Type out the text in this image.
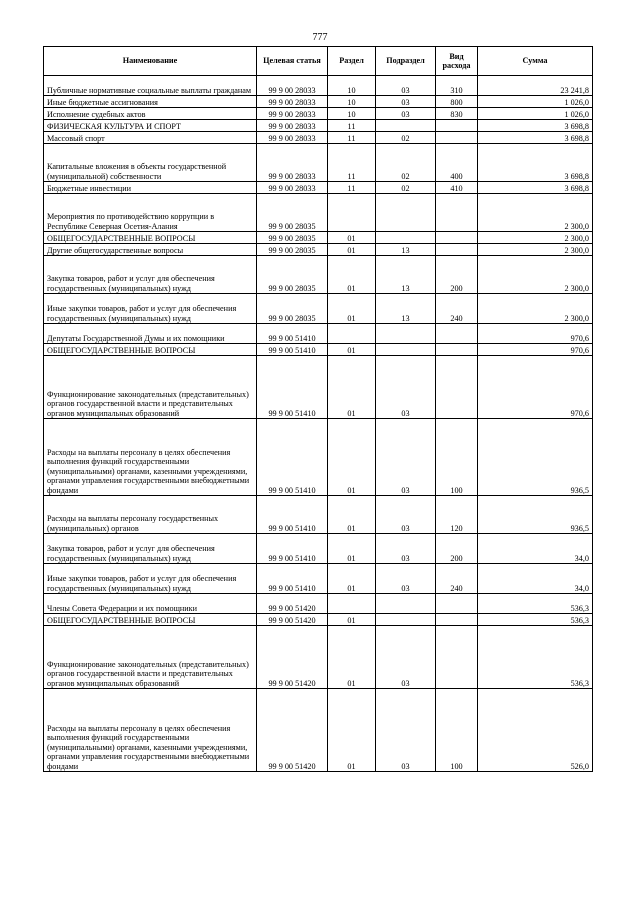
777
Наименование	Целевая статья	Раздел	Подраздел	Вид расхода	Сумма
Публичные нормативные социальные выплаты гражданам	99 9 00 28033	10	03	310	23 241,8
Иные бюджетные ассигнования	99 9 00 28033	10	03	800	1 026,0
Исполнение судебных актов	99 9 00 28033	10	03	830	1 026,0
ФИЗИЧЕСКАЯ КУЛЬТУРА И СПОРТ	99 9 00 28033	11			3 698,8
Массовый спорт	99 9 00 28033	11	02		3 698,8
Капитальные вложения в объекты государственной (муниципальной) собственности	99 9 00 28033	11	02	400	3 698,8
Бюджетные инвестиции	99 9 00 28033	11	02	410	3 698,8
Мероприятия по противодействию коррупции в Республике Северная Осетия-Алания	99 9 00 28035				2 300,0
ОБЩЕГОСУДАРСТВЕННЫЕ ВОПРОСЫ	99 9 00 28035	01			2 300,0
Другие общегосударственные вопросы	99 9 00 28035	01	13		2 300,0
Закупка товаров, работ и услуг для обеспечения государственных (муниципальных) нужд	99 9 00 28035	01	13	200	2 300,0
Иные закупки товаров, работ и услуг для обеспечения государственных (муниципальных) нужд	99 9 00 28035	01	13	240	2 300,0
Депутаты Государственной Думы и их помощники	99 9 00 51410				970,6
ОБЩЕГОСУДАРСТВЕННЫЕ ВОПРОСЫ	99 9 00 51410	01			970,6
Функционирование законодательных (представительных) органов государственной власти и представительных органов муниципальных образований	99 9 00 51410	01	03		970,6
Расходы на выплаты персоналу в целях обеспечения выполнения функций государственными (муниципальными) органами, казенными учреждениями, органами управления государственными внебюджетными фондами	99 9 00 51410	01	03	100	936,5
Расходы на выплаты персоналу государственных (муниципальных) органов	99 9 00 51410	01	03	120	936,5
Закупка товаров, работ и услуг для обеспечения государственных (муниципальных) нужд	99 9 00 51410	01	03	200	34,0
Иные закупки товаров, работ и услуг для обеспечения государственных (муниципальных) нужд	99 9 00 51410	01	03	240	34,0
Члены Совета Федерации и их помощники	99 9 00 51420				536,3
ОБЩЕГОСУДАРСТВЕННЫЕ ВОПРОСЫ	99 9 00 51420	01			536,3
Функционирование законодательных (представительных) органов государственной власти и представительных органов муниципальных образований	99 9 00 51420	01	03		536,3
Расходы на выплаты персоналу в целях обеспечения выполнения функций государственными (муниципальными) органами, казенными учреждениями, органами управления государственными внебюджетными фондами	99 9 00 51420	01	03	100	526,0
